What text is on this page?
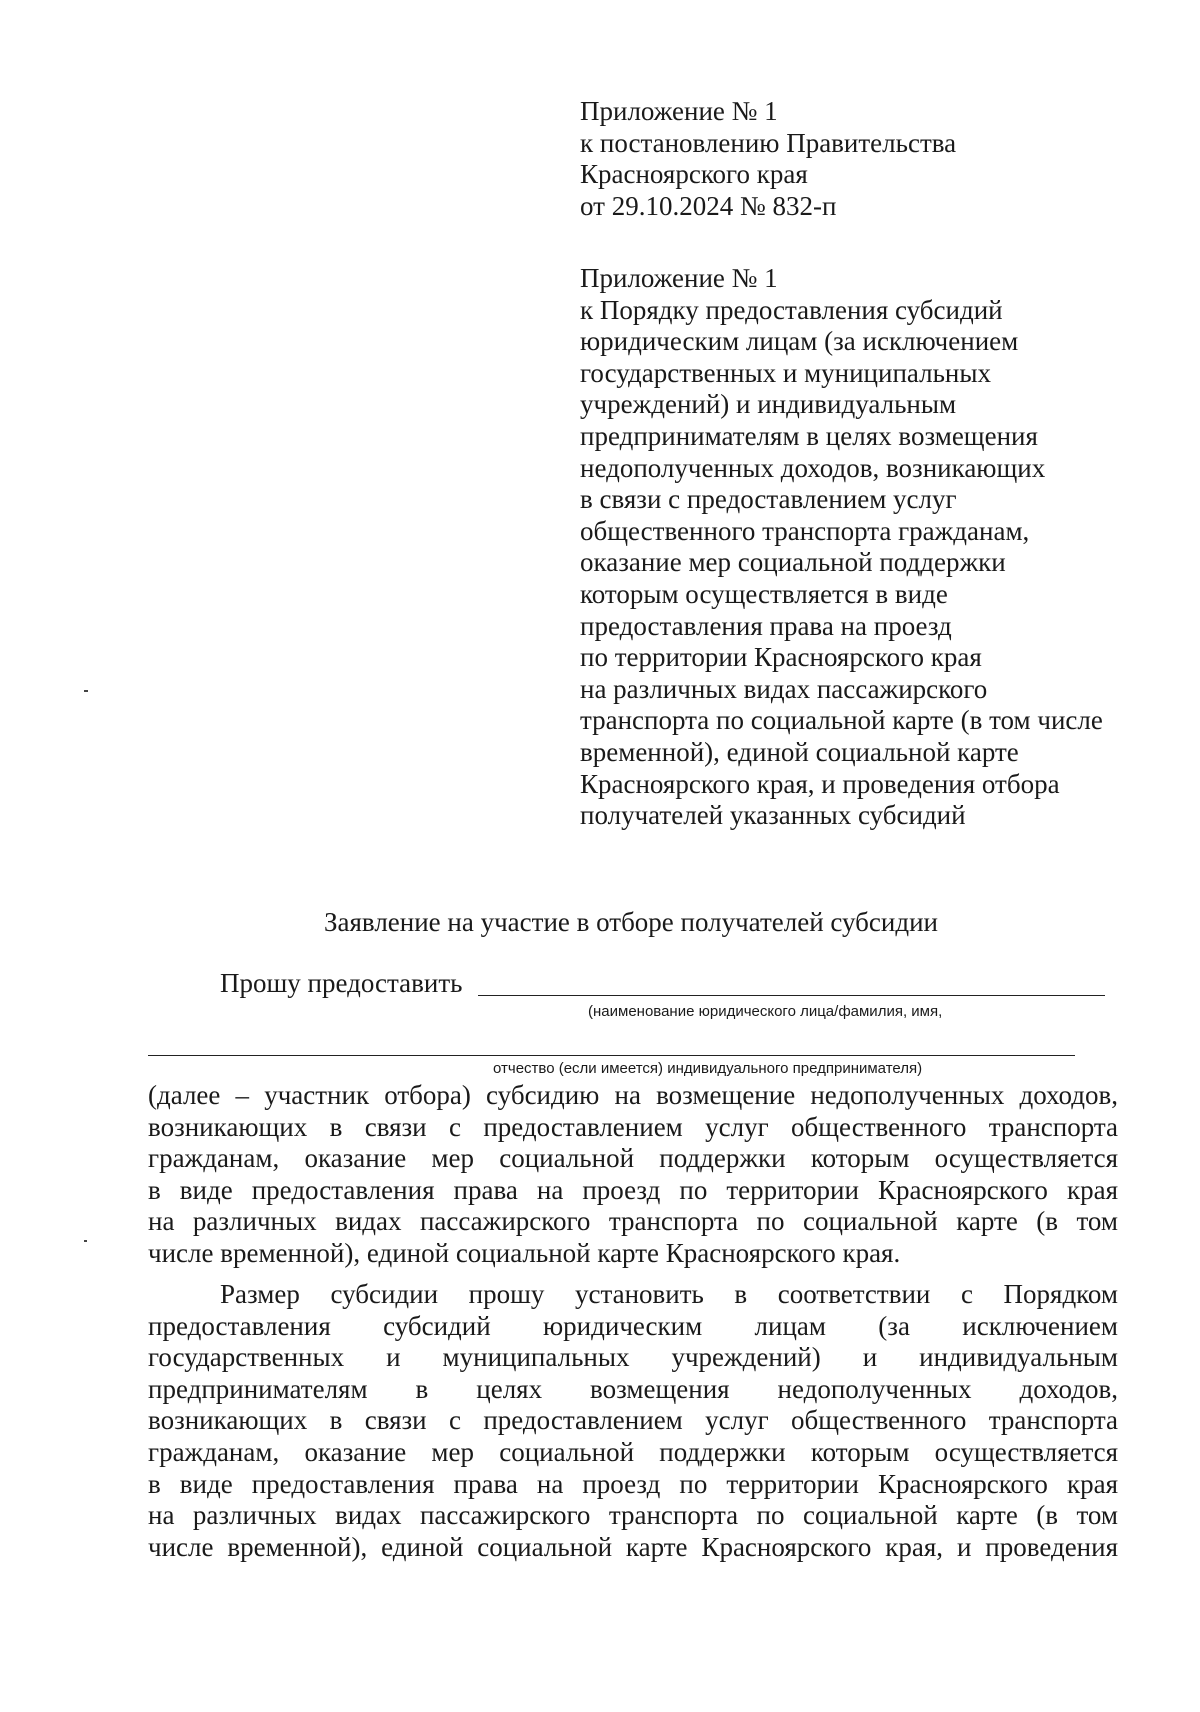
Приложение № 1
к постановлению Правительства
Красноярского края
от 29.10.2024 № 832-п
Приложение № 1
к Порядку предоставления субсидий
юридическим лицам (за исключением
государственных и муниципальных
учреждений) и индивидуальным
предпринимателям в целях возмещения
недополученных доходов, возникающих
в связи с предоставлением услуг
общественного транспорта гражданам,
оказание мер социальной поддержки
которым осуществляется в виде
предоставления права на проезд
по территории Красноярского края
на различных видах пассажирского
транспорта по социальной карте (в том числе
временной), единой социальной карте
Красноярского края, и проведения отбора
получателей указанных субсидий
Заявление на участие в отборе получателей субсидии
Прошу предоставить
(наименование юридического лица/фамилия, имя,
отчество (если имеется) индивидуального предпринимателя)
(далее – участник отбора) субсидию на возмещение недополученных доходов,
возникающих в связи с предоставлением услуг общественного транспорта
гражданам, оказание мер социальной поддержки которым осуществляется
в виде предоставления права на проезд по территории Красноярского края
на различных видах пассажирского транспорта по социальной карте (в том
числе временной), единой социальной карте Красноярского края.
Размер субсидии прошу установить в соответствии с Порядком
предоставления субсидий юридическим лицам (за исключением
государственных и муниципальных учреждений) и индивидуальным
предпринимателям в целях возмещения недополученных доходов,
возникающих в связи с предоставлением услуг общественного транспорта
гражданам, оказание мер социальной поддержки которым осуществляется
в виде предоставления права на проезд по территории Красноярского края
на различных видах пассажирского транспорта по социальной карте (в том
числе временной), единой социальной карте Красноярского края, и проведения
